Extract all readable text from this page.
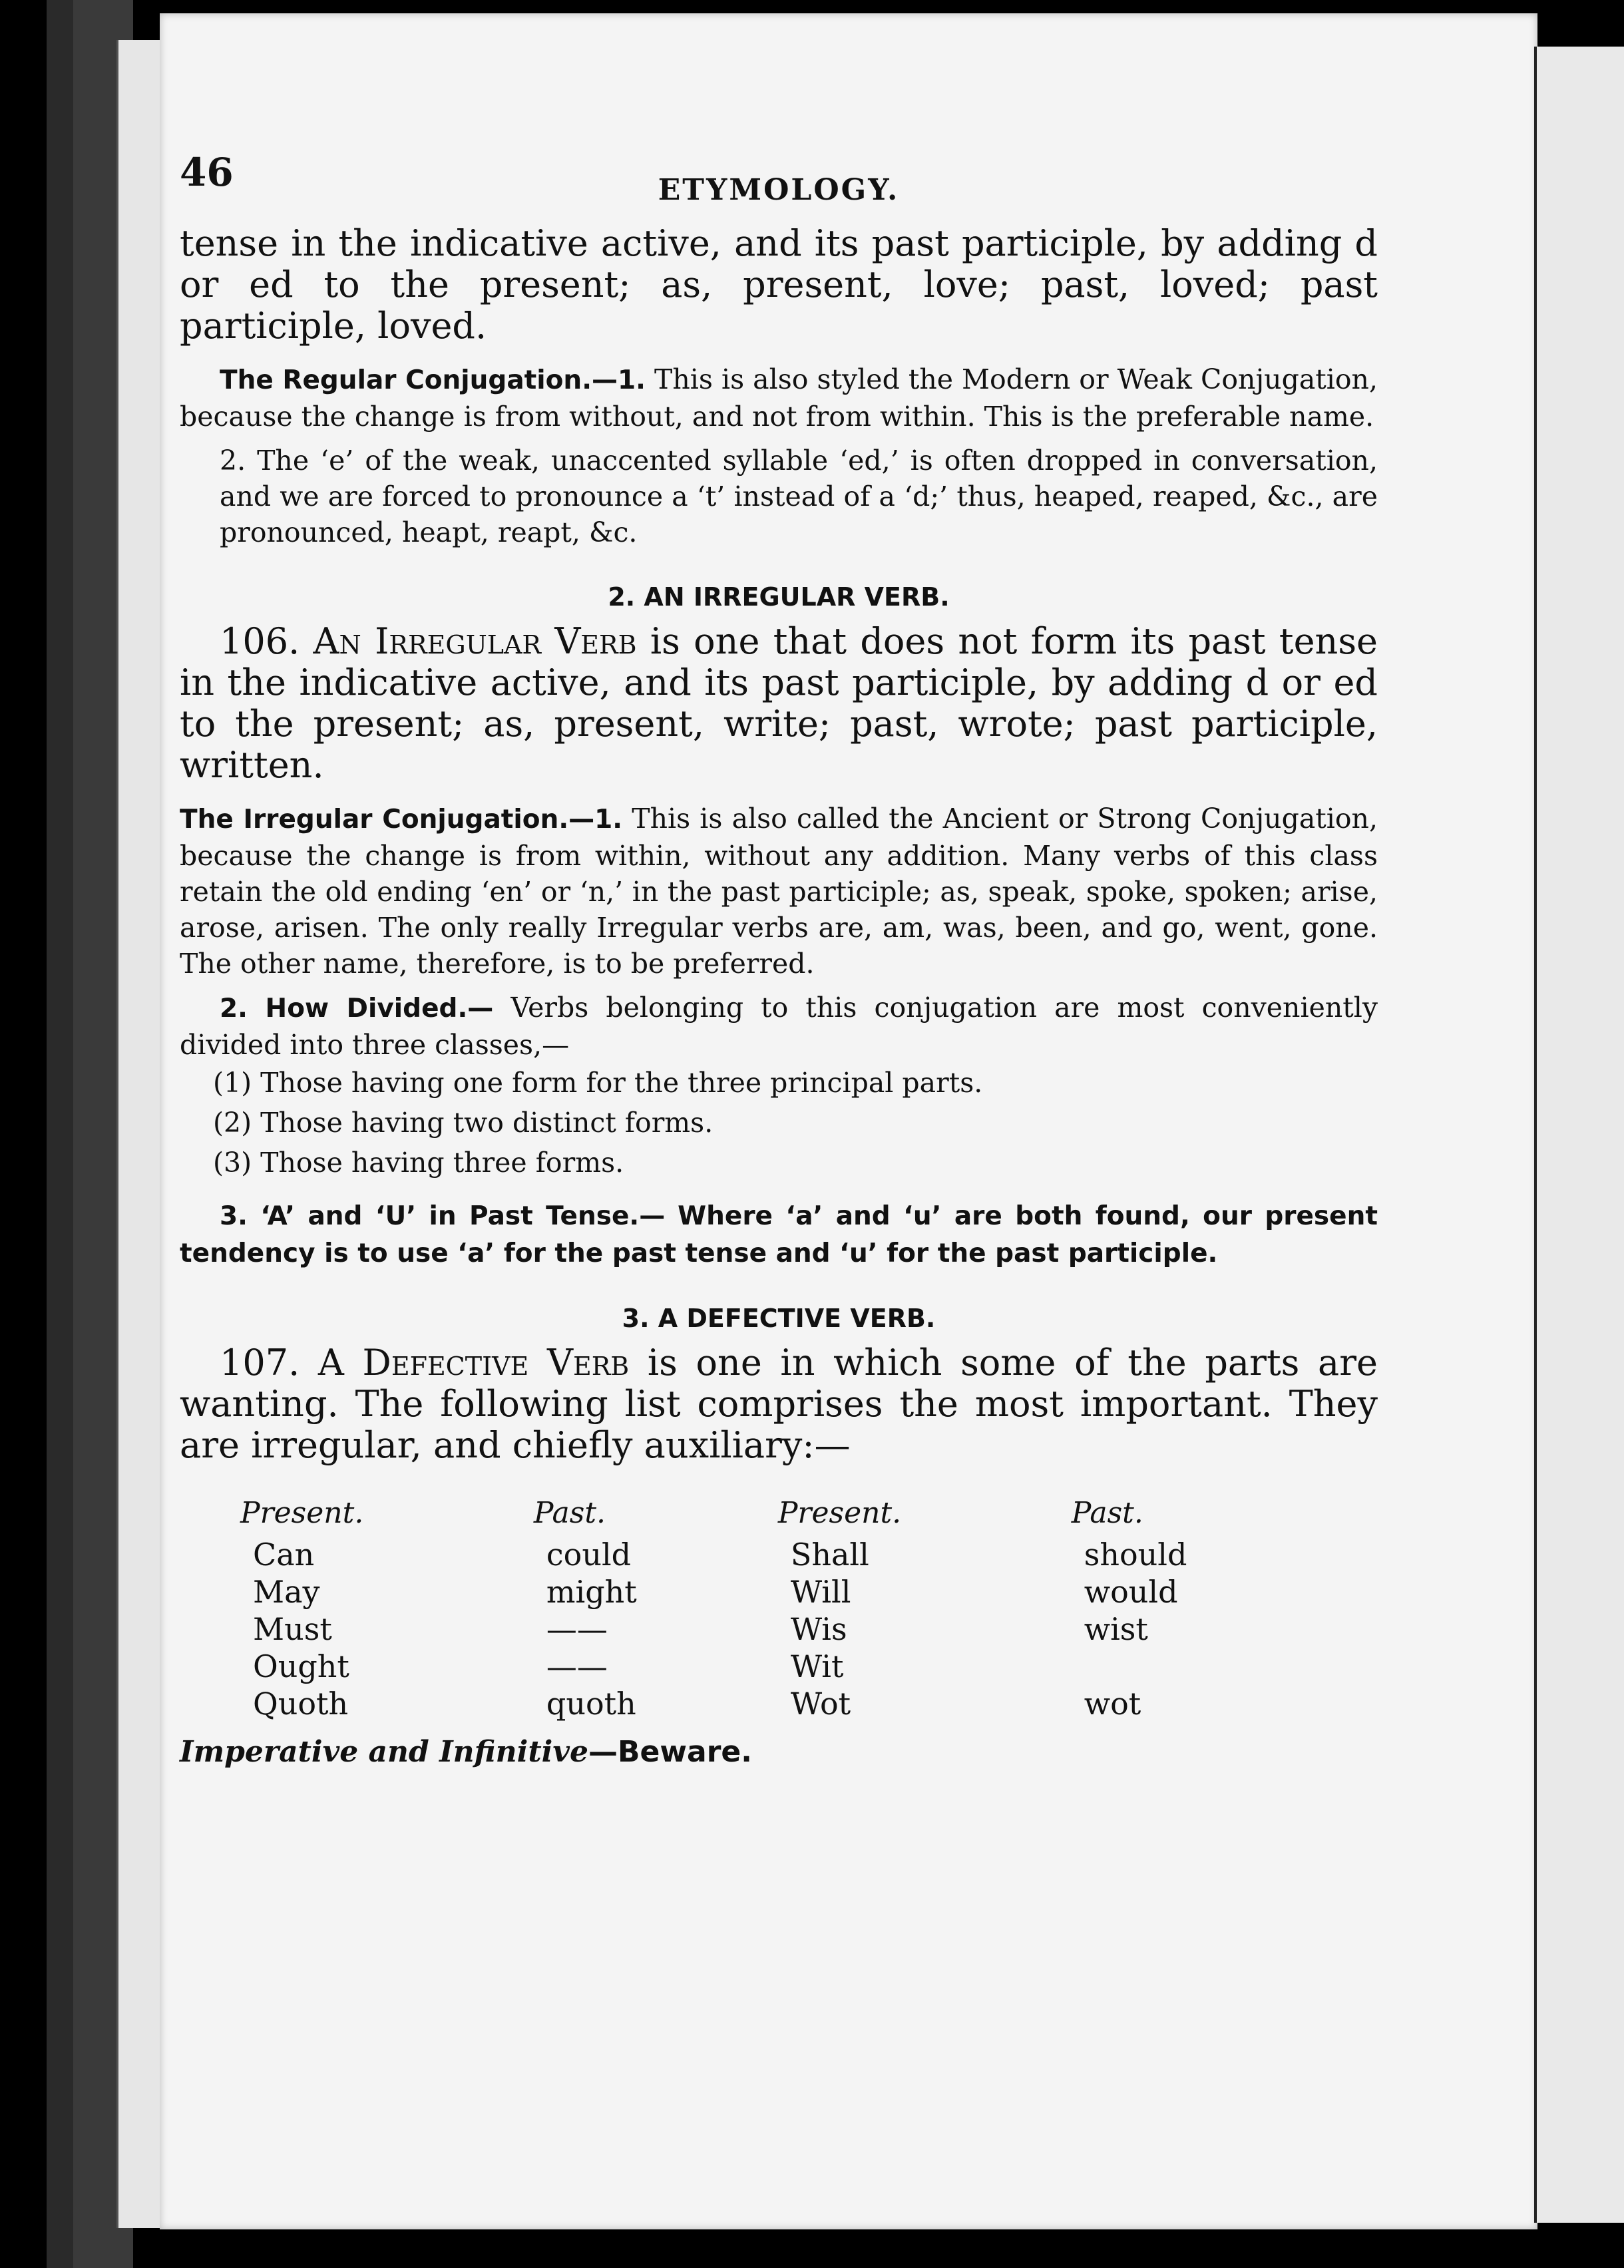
46	ETYMOLOGY.

tense in the indicative active, and its past participle, by adding d or ed to the present; as, present, love; past, loved; past participle, loved.

The Regular Conjugation.—1. This is also styled the Modern or Weak Conjugation, because the change is from without, and not from within. This is the preferable name.

2. The ‘e’ of the weak, unaccented syllable ‘ed,’ is often dropped in conversation, and we are forced to pronounce a ‘t’ instead of a ‘d;’ thus, heaped, reaped, &c., are pronounced, heapt, reapt, &c.

2. AN IRREGULAR VERB.

106. An Irregular Verb is one that does not form its past tense in the indicative active, and its past participle, by adding d or ed to the present; as, present, write; past, wrote; past participle, written.

The Irregular Conjugation.—1. This is also called the Ancient or Strong Conjugation, because the change is from within, without any addition. Many verbs of this class retain the old ending ‘en’ or ‘n,’ in the past participle; as, speak, spoke, spoken; arise, arose, arisen. The only really Irregular verbs are, am, was, been, and go, went, gone. The other name, therefore, is to be preferred.

2. How Divided.— Verbs belonging to this conjugation are most conveniently divided into three classes,—

(1) Those having one form for the three principal parts.
(2) Those having two distinct forms.
(3) Those having three forms.

3. ‘A’ and ‘U’ in Past Tense.— Where ‘a’ and ‘u’ are both found, our present tendency is to use ‘a’ for the past tense and ‘u’ for the past participle.

3. A DEFECTIVE VERB.

107. A Defective Verb is one in which some of the parts are wanting. The following list comprises the most important. They are irregular, and chiefly auxiliary:—

Present.	Past.	Present.	Past.
Can	could	Shall	should
May	might	Will	would
Must	——	Wis	wist
Ought	——	Wit	
Quoth	quoth	Wot	wot

Imperative and Infinitive—Beware.
